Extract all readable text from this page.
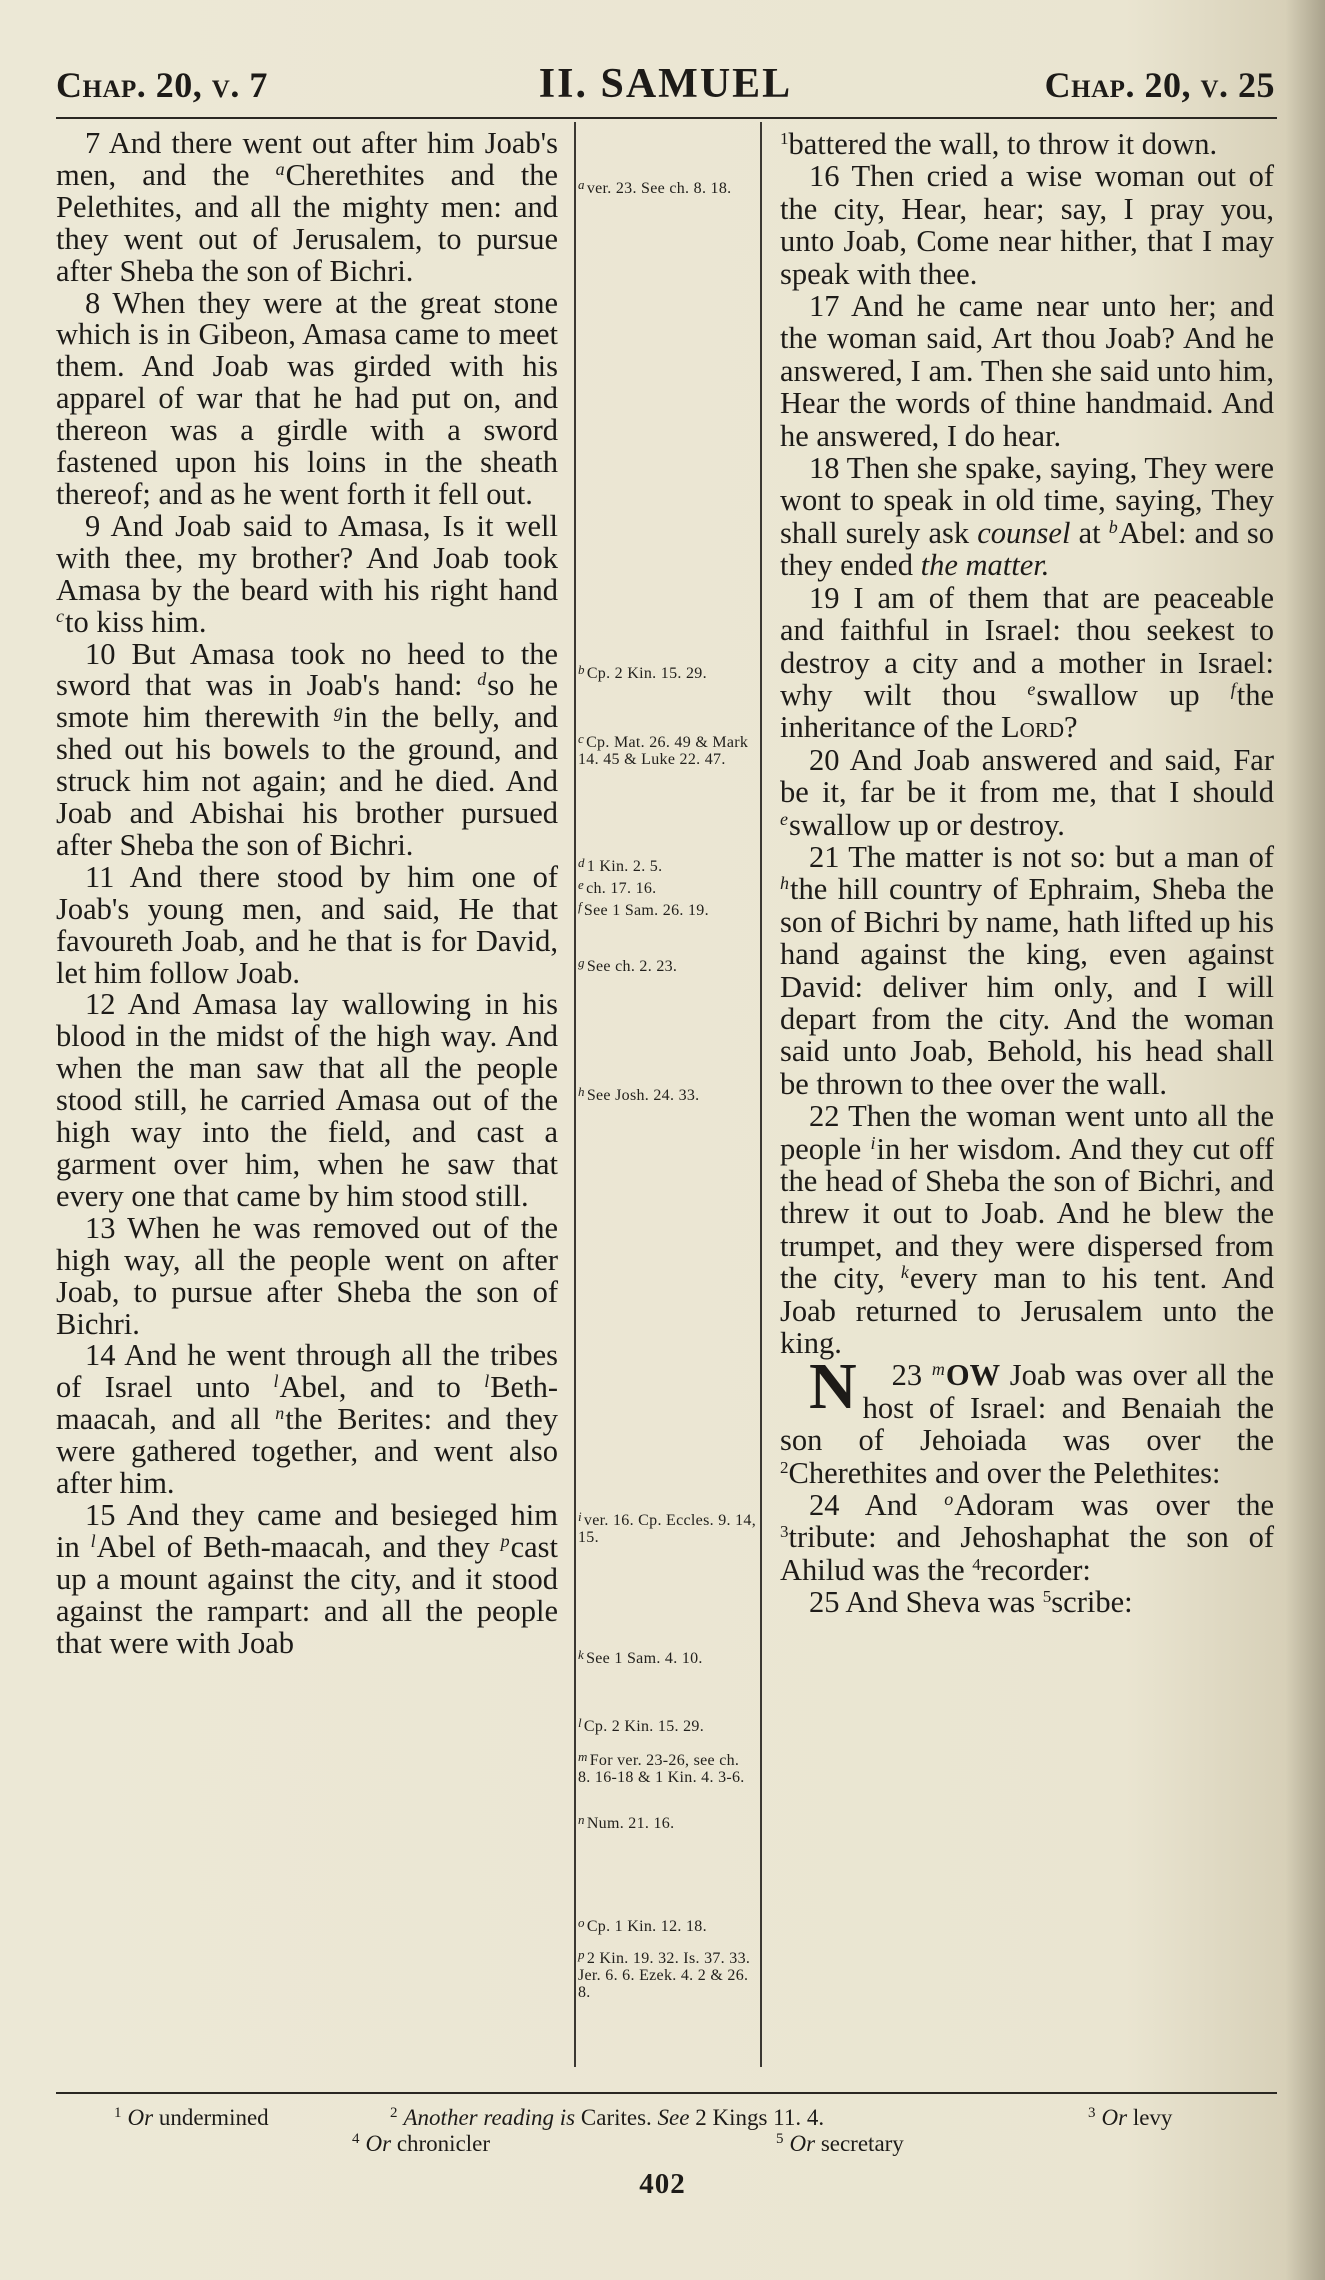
Chap. 20, v. 7	II. SAMUEL	Chap. 20, v. 25

7 And there went out after him Joab's men, and the $^a$Cherethites and the Pelethites, and all the mighty men: and they went out of Jerusalem, to pursue after Sheba the son of Bichri.

8 When they were at the great stone which is in Gibeon, Amasa came to meet them. And Joab was girded with his apparel of war that he had put on, and thereon was a girdle with a sword fastened upon his loins in the sheath thereof; and as he went forth it fell out.

9 And Joab said to Amasa, Is it well with thee, my brother? And Joab took Amasa by the beard with his right hand $^c$to kiss him.

10 But Amasa took no heed to the sword that was in Joab's hand: $^d$so he smote him therewith $^g$in the belly, and shed out his bowels to the ground, and struck him not again; and he died. And Joab and Abishai his brother pursued after Sheba the son of Bichri.

11 And there stood by him one of Joab's young men, and said, He that favoureth Joab, and he that is for David, let him follow Joab.

12 And Amasa lay wallowing in his blood in the midst of the high way. And when the man saw that all the people stood still, he carried Amasa out of the high way into the field, and cast a garment over him, when he saw that every one that came by him stood still.

13 When he was removed out of the high way, all the people went on after Joab, to pursue after Sheba the son of Bichri.

14 And he went through all the tribes of Israel unto $^l$Abel, and to $^l$Beth-maacah, and all $^n$the Berites: and they were gathered together, and went also after him.

15 And they came and besieged him in $^l$Abel of Beth-maacah, and they $^p$cast up a mount against the city, and it stood against the rampart: and all the people that were with Joab

$^a$ ver. 23. See ch. 8. 18.
$^b$ Cp. 2 Kin. 15. 29.
$^c$ Cp. Mat. 26. 49 & Mark 14. 45 & Luke 22. 47.
$^d$ 1 Kin. 2. 5.
$^e$ ch. 17. 16.
$^f$ See 1 Sam. 26. 19.
$^g$ See ch. 2. 23.
$^h$ See Josh. 24. 33.
$^i$ ver. 16. Cp. Eccles. 9. 14, 15.
$^k$ See 1 Sam. 4. 10.
$^l$ Cp. 2 Kin. 15. 29.
$^m$ For ver. 23-26, see ch. 8. 16-18 & 1 Kin. 4. 3-6.
$^n$ Num. 21. 16.
$^o$ Cp. 1 Kin. 12. 18.
$^p$ 2 Kin. 19. 32. Is. 37. 33. Jer. 6. 6. Ezek. 4. 2 & 26. 8.

$^1$battered the wall, to throw it down.

16 Then cried a wise woman out of the city, Hear, hear; say, I pray you, unto Joab, Come near hither, that I may speak with thee.

17 And he came near unto her; and the woman said, Art thou Joab? And he answered, I am. Then she said unto him, Hear the words of thine handmaid. And he answered, I do hear.

18 Then she spake, saying, They were wont to speak in old time, saying, They shall surely ask counsel at $^b$Abel: and so they ended the matter.

19 I am of them that are peaceable and faithful in Israel: thou seekest to destroy a city and a mother in Israel: why wilt thou $^e$swallow up $^f$the inheritance of the Lord?

20 And Joab answered and said, Far be it, far be it from me, that I should $^e$swallow up or destroy.

21 The matter is not so: but a man of $^h$the hill country of Ephraim, Sheba the son of Bichri by name, hath lifted up his hand against the king, even against David: deliver him only, and I will depart from the city. And the woman said unto Joab, Behold, his head shall be thrown to thee over the wall.

22 Then the woman went unto all the people $^i$in her wisdom. And they cut off the head of Sheba the son of Bichri, and threw it out to Joab. And he blew the trumpet, and they were dispersed from the city, $^k$every man to his tent. And Joab returned to Jerusalem unto the king.

23 $^m$
N	OW Joab was over all the host of Israel: and Benaiah the son of Jehoiada was over the $^2$Cherethites and over the Pelethites:

24 And $^o$Adoram was over the $^3$tribute: and Jehoshaphat the son of Ahilud was the $^4$recorder:

25 And Sheva was $^5$scribe:

$^1$ Or undermined	$^2$ Another reading is Carites. See 2 Kings 11. 4.	$^3$ Or levy
$^4$ Or chronicler	$^5$ Or secretary
402
